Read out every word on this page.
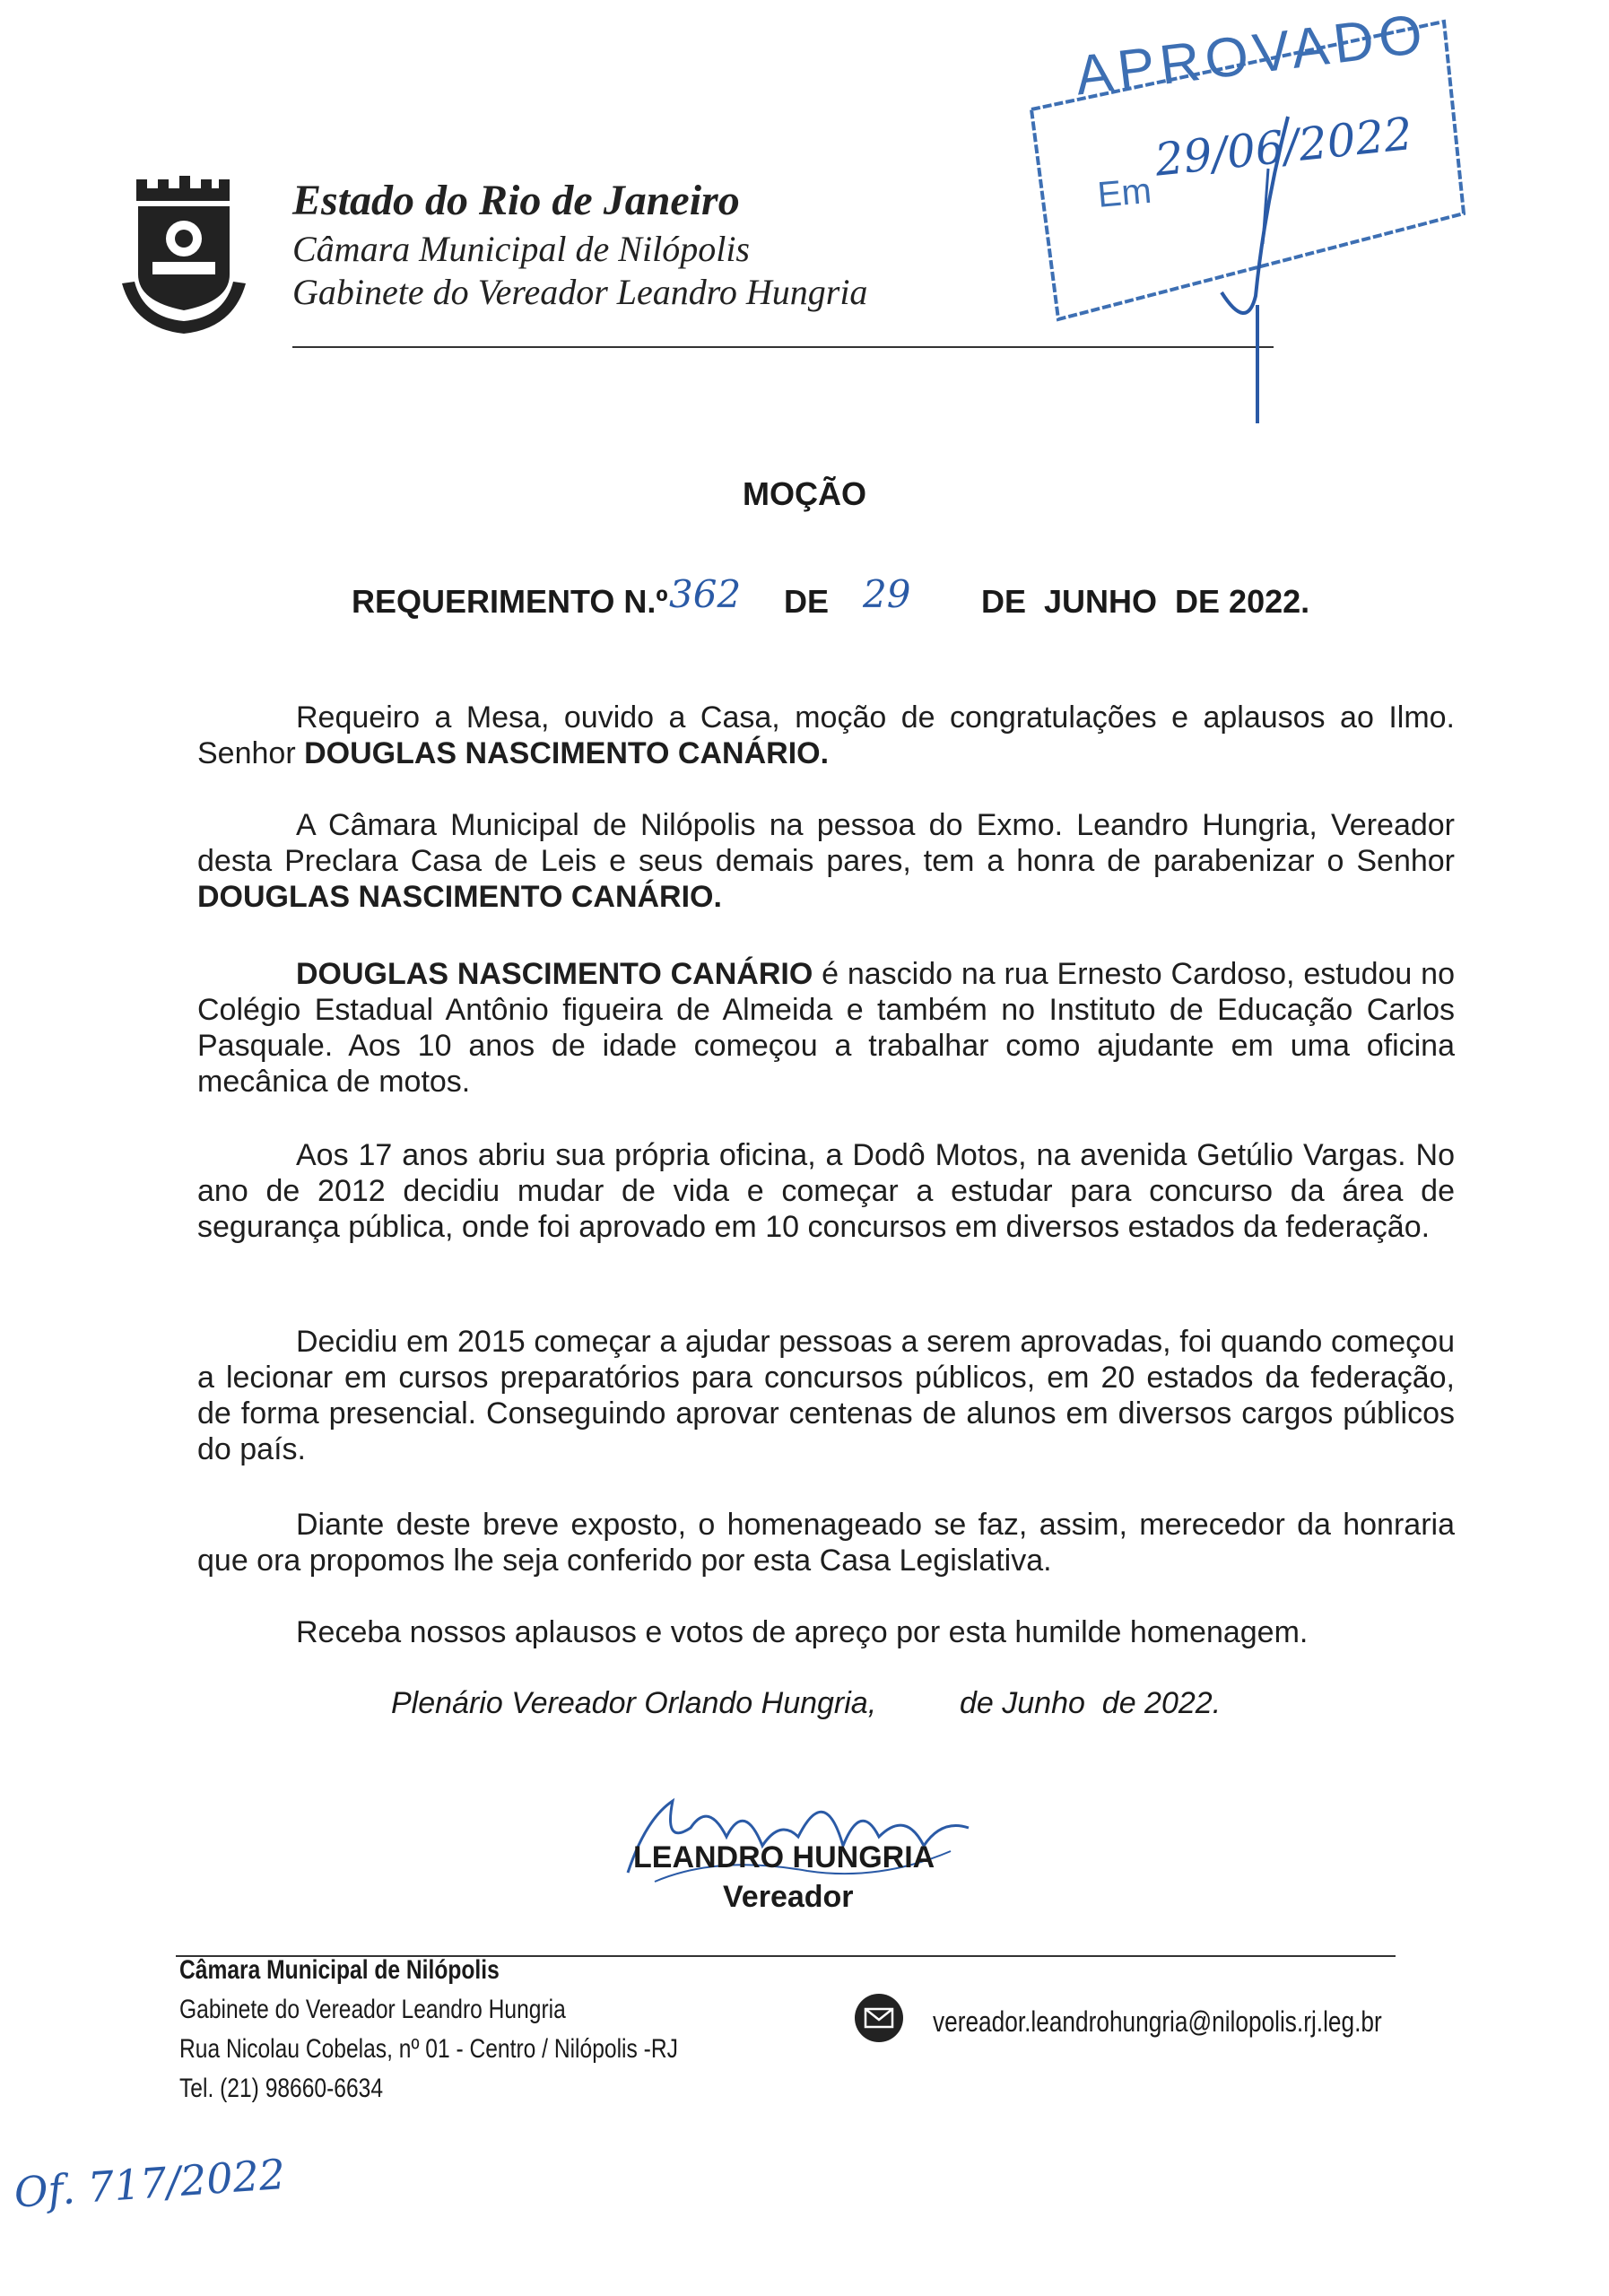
Estado do Rio de Janeiro
Câmara Municipal de Nilópolis
Gabinete do Vereador Leandro Hungria
APROVADO
Em
29/06/2022
MOÇÃO
REQUERIMENTO N.º 362 DE 29 DE  JUNHO  DE 2022.
Requeiro a Mesa, ouvido a Casa, moção de congratulações e aplausos ao Ilmo. Senhor DOUGLAS NASCIMENTO CANÁRIO.
A Câmara Municipal de Nilópolis na pessoa do Exmo. Leandro Hungria, Vereador desta Preclara Casa de Leis e seus demais pares, tem a honra de parabenizar o Senhor DOUGLAS NASCIMENTO CANÁRIO.
DOUGLAS NASCIMENTO CANÁRIO é nascido na rua Ernesto Cardoso, estudou no Colégio Estadual Antônio figueira de Almeida e também no Instituto de Educação Carlos Pasquale. Aos 10 anos de idade começou a trabalhar como ajudante em uma oficina mecânica de motos.
Aos 17 anos abriu sua própria oficina, a Dodô Motos, na avenida Getúlio Vargas. No ano de 2012 decidiu mudar de vida e começar a estudar para concurso da área de segurança pública, onde foi aprovado em 10 concursos em diversos estados da federação.
Decidiu em 2015 começar a ajudar pessoas a serem aprovadas, foi quando começou a lecionar em cursos preparatórios para concursos públicos, em 20 estados da federação, de forma presencial. Conseguindo aprovar centenas de alunos em diversos cargos públicos do país.
Diante deste breve exposto, o homenageado se faz, assim, merecedor da honraria que ora propomos lhe seja conferido por esta Casa Legislativa.
Receba nossos aplausos e votos de apreço por esta humilde homenagem.
Plenário Vereador Orlando Hungria,	de Junho  de 2022.
LEANDRO HUNGRIA
Vereador
Câmara Municipal de Nilópolis
Gabinete do Vereador Leandro Hungria
Rua Nicolau Cobelas, nº 01 - Centro / Nilópolis -RJ
Tel. (21) 98660-6634
vereador.leandrohungria@nilopolis.rj.leg.br
Of. 717/2022
